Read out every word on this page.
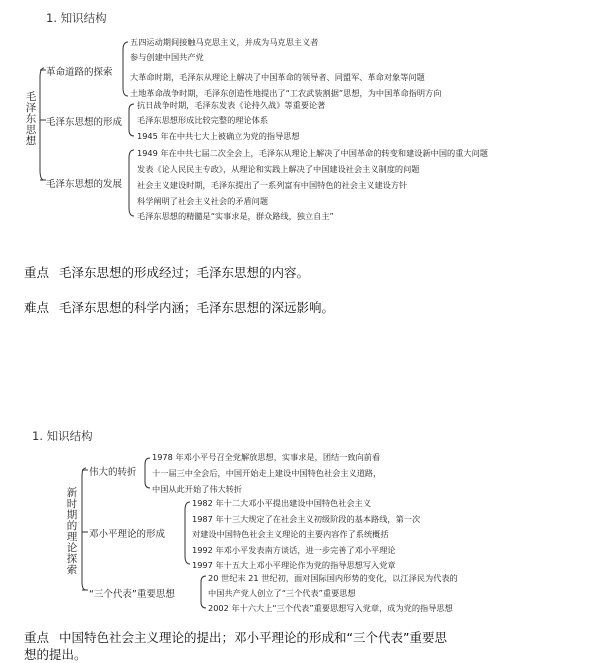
1. 知识结构
毛泽东思想
革命道路的探索
毛泽东思想的形成
毛泽东思想的发展
五四运动期间接触马克思主义，并成为马克思主义者
参与创建中国共产党
大革命时期，毛泽东从理论上解决了中国革命的领导者、同盟军、革命对象等问题
土地革命战争时期，毛泽东创造性地提出了“工农武装割据”思想，为中国革命指明方向
抗日战争时期，毛泽东发表《论持久战》等重要论著
毛泽东思想形成比较完整的理论体系
1945 年在中共七大上被确立为党的指导思想
1949 年在中共七届二次全会上，毛泽东从理论上解决了中国革命的转变和建设新中国的重大问题
发表《论人民民主专政》，从理论和实践上解决了中国建设社会主义制度的问题
社会主义建设时期，毛泽东提出了一系列富有中国特色的社会主义建设方针
科学阐明了社会主义社会的矛盾问题
毛泽东思想的精髓是“实事求是，群众路线，独立自主”
重点 毛泽东思想的形成经过；毛泽东思想的内容。
难点 毛泽东思想的科学内涵；毛泽东思想的深远影响。
1. 知识结构
新时期的理论探索
伟大的转折
邓小平理论的形成
“三个代表”重要思想
1978 年邓小平号召全党解放思想，实事求是，团结一致向前看
十一届三中全会后，中国开始走上建设中国特色社会主义道路，
中国从此开始了伟大转折
1982 年十二大邓小平提出建设中国特色社会主义
1987 年十三大规定了在社会主义初级阶段的基本路线，第一次
对建设中国特色社会主义理论的主要内容作了系统概括
1992 年邓小平发表南方谈话，进一步完善了邓小平理论
1997 年十五大上邓小平理论作为党的指导思想写入党章
20 世纪末 21 世纪初，面对国际国内形势的变化，以江泽民为代表的
中国共产党人创立了“三个代表”重要思想
2002 年十六大上“三个代表”重要思想写入党章，成为党的指导思想
重点 中国特色社会主义理论的提出；邓小平理论的形成和“三个代表”重要思
想的提出。
